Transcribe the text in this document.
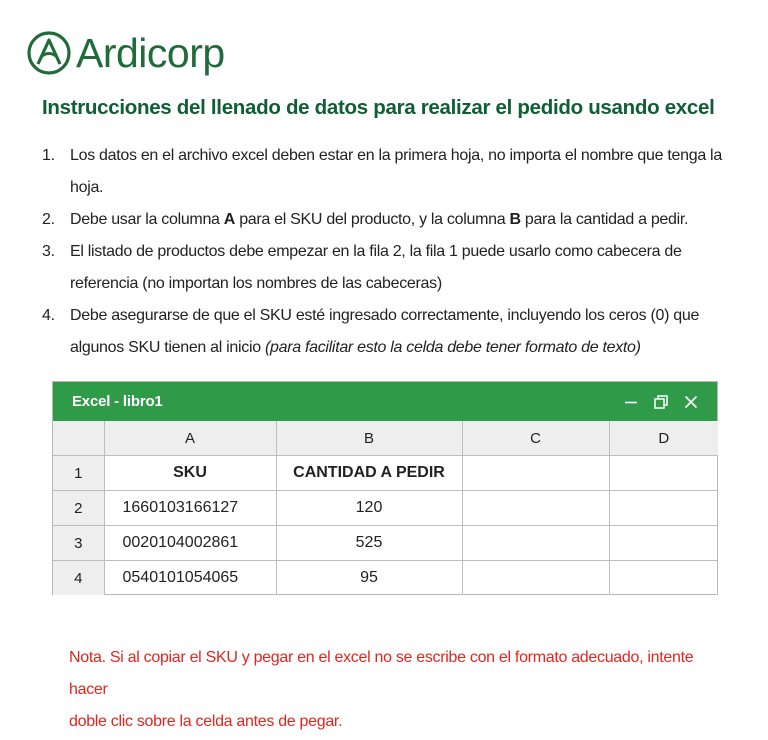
Ardicorp
Instrucciones del llenado de datos para realizar el pedido usando excel
1. Los datos en el archivo excel deben estar en la primera hoja, no importa el nombre que tenga la
hoja.
2. Debe usar la columna A para el SKU del producto, y la columna B para la cantidad a pedir.
3. El listado de productos debe empezar en la fila 2, la fila 1 puede usarlo como cabecera de
referencia (no importan los nombres de las cabeceras)
4. Debe asegurarse de que el SKU esté ingresado correctamente, incluyendo los ceros (0) que
algunos SKU tienen al inicio (para facilitar esto la celda debe tener formato de texto)
Excel - libro1
	A	B	C	D
1	SKU	CANTIDAD A PEDIR		
2	1660103166127	120		
3	0020104002861	525		
4	0540101054065	95		
Nota. Si al copiar el SKU y pegar en el excel no se escribe con el formato adecuado, intente hacer
doble clic sobre la celda antes de pegar.
